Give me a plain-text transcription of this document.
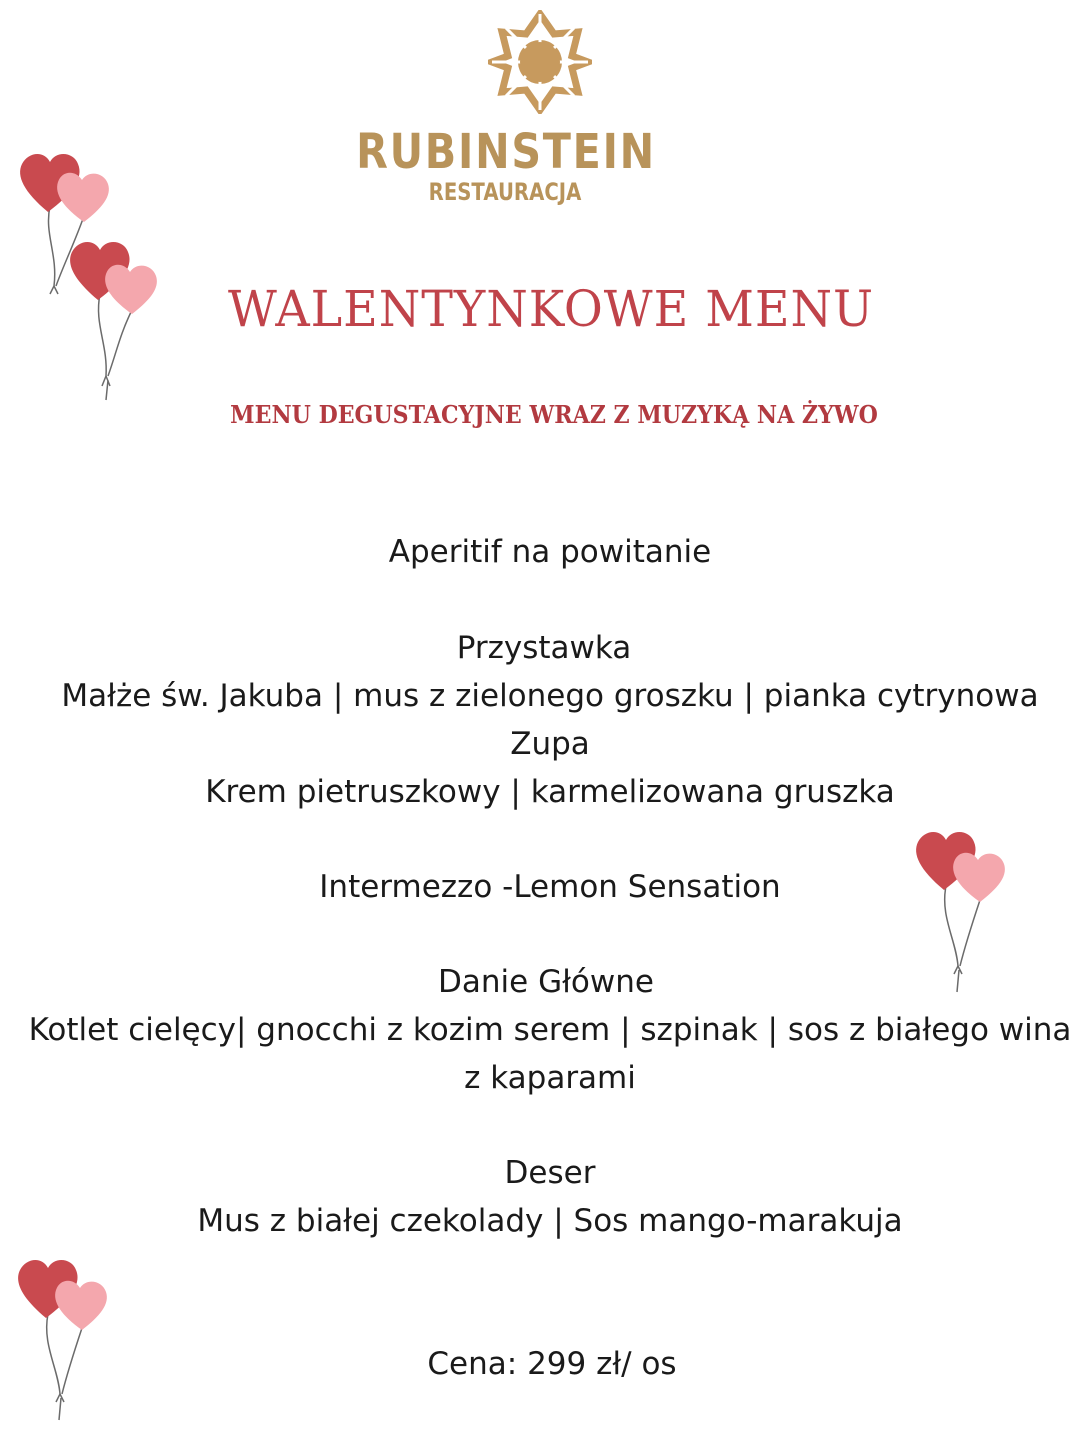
RUBINSTEIN
RESTAURACJA
WALENTYNKOWE MENU
MENU DEGUSTACYJNE WRAZ Z MUZYKĄ NA ŻYWO
Aperitif na powitanie
Przystawka
Małże św. Jakuba | mus z zielonego groszku | pianka cytrynowa
Zupa
Krem pietruszkowy | karmelizowana gruszka
Intermezzo -Lemon Sensation
Danie Główne
Kotlet cielęcy| gnocchi z kozim serem | szpinak | sos z białego wina
z kaparami
Deser
Mus z białej czekolady | Sos mango-marakuja
Cena: 299 zł/ os
